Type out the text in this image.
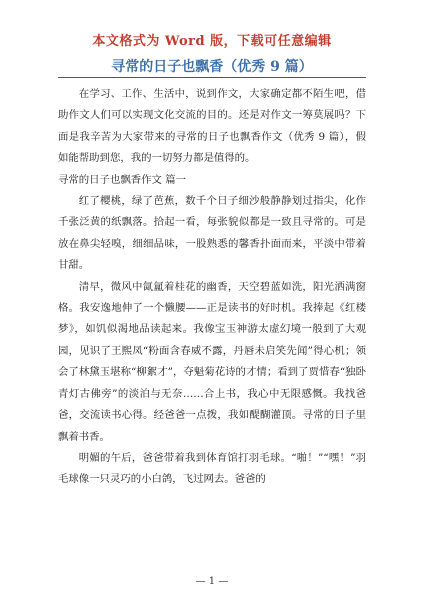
本文格式为 Word 版，下载可任意编辑
寻常的日子也飘香（优秀 9 篇）

在学习、工作、生活中，说到作文，大家确定都不陌生吧，借助作文人们可以实现文化交流的目的。还是对作文一筹莫展吗？下面是我辛苦为大家带来的寻常的日子也飘香作文（优秀 9 篇），假如能帮助到您，我的一切努力都是值得的。

寻常的日子也飘香作文 篇一

红了樱桃，绿了芭蕉，数千个日子细沙般静静划过指尖，化作千张泛黄的纸飘落。拾起一看，每张貌似都是一致且寻常的。可是放在鼻尖轻嗅，细细品味，一股熟悉的馨香扑面而来，平淡中带着甘甜。

清早，微风中氤氲着桂花的幽香，天空碧蓝如洗，阳光洒满窗格。我安逸地伸了一个懒腰——正是读书的好时机。我捧起《红楼梦》，如饥似渴地品读起来。我像宝玉神游太虚幻境一般到了大观园，见识了王熙凤“粉面含春威不露，丹唇未启笑先闻”得心机；领会了林黛玉堪称“柳絮才”，夺魁菊花诗的才情；看到了贾惜春“独卧青灯古佛旁”的淡泊与无奈……合上书，我心中无限感慨。我找爸爸，交流读书心得。经爸爸一点拨，我如醍醐灌顶。寻常的日子里飘着书香。

明媚的午后，爸爸带着我到体育馆打羽毛球。“啪！”“嘿！”羽毛球像一只灵巧的小白鸽，飞过网去。爸爸的

— 1 —
